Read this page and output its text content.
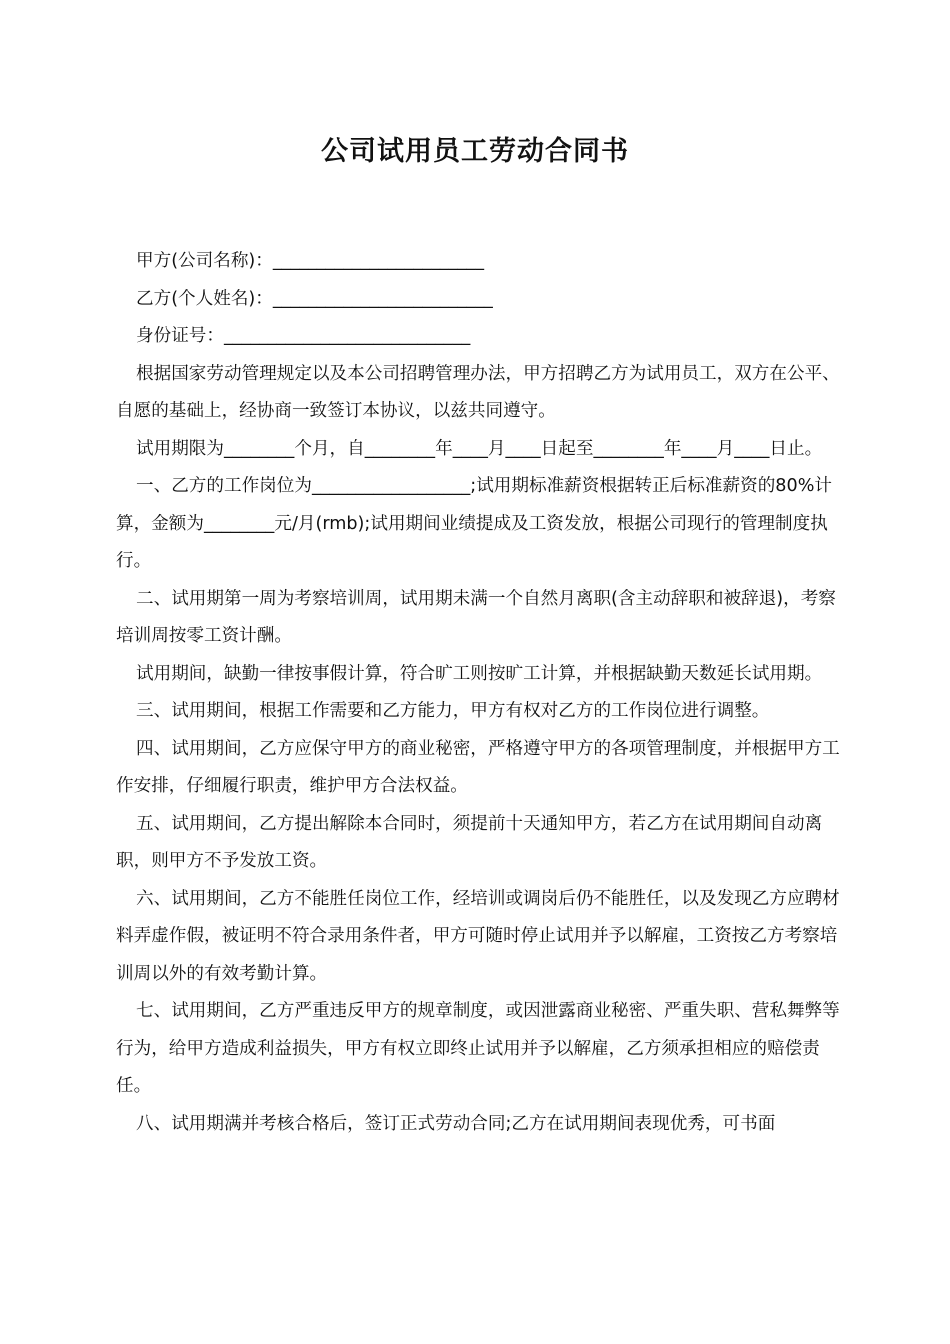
公司试用员工劳动合同书

甲方(公司名称)：________________________

乙方(个人姓名)：_________________________

身份证号：____________________________

根据国家劳动管理规定以及本公司招聘管理办法，甲方招聘乙方为试用员工，双方在公平、自愿的基础上，经协商一致签订本协议，以兹共同遵守。

试用期限为________个月，自________年____月____日起至________年____月____日止。

一、乙方的工作岗位为__________________;试用期标准薪资根据转正后标准薪资的80%计算，金额为________元/月(rmb);试用期间业绩提成及工资发放，根据公司现行的管理制度执行。

二、试用期第一周为考察培训周，试用期未满一个自然月离职(含主动辞职和被辞退)，考察培训周按零工资计酬。

试用期间，缺勤一律按事假计算，符合旷工则按旷工计算，并根据缺勤天数延长试用期。

三、试用期间，根据工作需要和乙方能力，甲方有权对乙方的工作岗位进行调整。

四、试用期间，乙方应保守甲方的商业秘密，严格遵守甲方的各项管理制度，并根据甲方工作安排，仔细履行职责，维护甲方合法权益。

五、试用期间，乙方提出解除本合同时，须提前十天通知甲方，若乙方在试用期间自动离职，则甲方不予发放工资。

六、试用期间，乙方不能胜任岗位工作，经培训或调岗后仍不能胜任，以及发现乙方应聘材料弄虚作假，被证明不符合录用条件者，甲方可随时停止试用并予以解雇，工资按乙方考察培训周以外的有效考勤计算。

七、试用期间，乙方严重违反甲方的规章制度，或因泄露商业秘密、严重失职、营私舞弊等行为，给甲方造成利益损失，甲方有权立即终止试用并予以解雇，乙方须承担相应的赔偿责任。

八、试用期满并考核合格后，签订正式劳动合同;乙方在试用期间表现优秀，可书面
